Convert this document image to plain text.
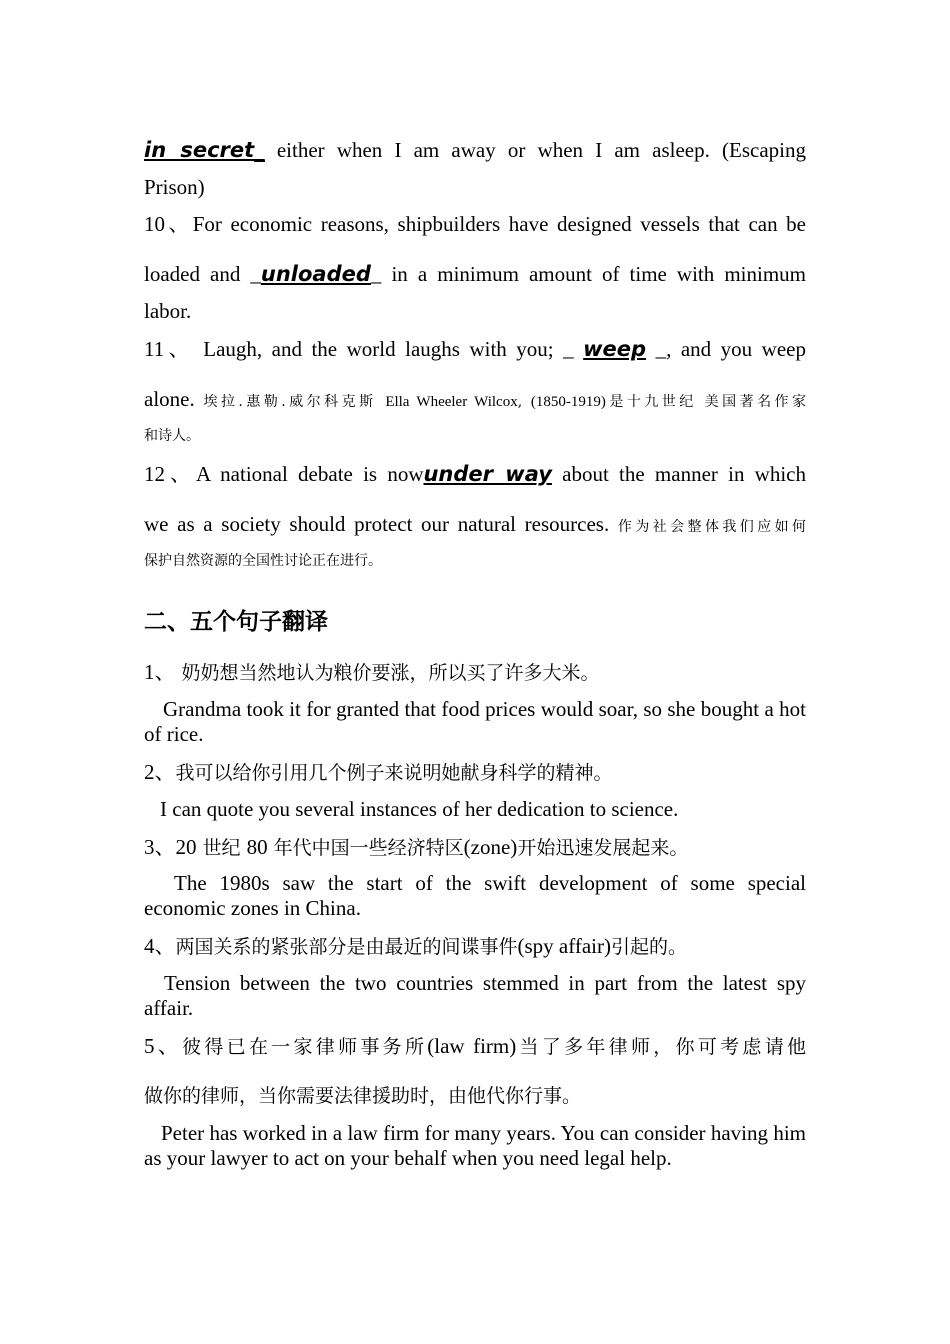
in secret_ either when I am away or when I am asleep. (Escaping
Prison)
10、For economic reasons, shipbuilders have designed vessels that can be
loaded and _unloaded_ in a minimum amount of time with minimum
labor.
11、 Laugh, and the world laughs with you; _ weep _, and you weep
alone. 埃拉.惠勒.威尔科克斯 Ella Wheeler Wilcox, (1850-1919)是十九世纪 美国著名作家
和诗人。
12、A national debate is nowunder way about the manner in which
we as a society should protect our natural resources. 作为社会整体我们应如何
保护自然资源的全国性讨论正在进行。
二、五个句子翻译
1、 奶奶想当然地认为粮价要涨，所以买了许多大米。
Grandma took it for granted that food prices would soar, so she bought a hot of rice.
2、我可以给你引用几个例子来说明她献身科学的精神。
I can quote you several instances of her dedication to science.
3、20 世纪 80 年代中国一些经济特区(zone)开始迅速发展起来。
The 1980s saw the start of the swift development of some special economic zones in China.
4、两国关系的紧张部分是由最近的间谍事件(spy affair)引起的。
Tension between the two countries stemmed in part from the latest spy affair.
5、彼得已在一家律师事务所(law firm)当了多年律师，你可考虑请他
做你的律师，当你需要法律援助时，由他代你行事。
Peter has worked in a law firm for many years. You can consider having him as your lawyer to act on your behalf when you need legal help.
